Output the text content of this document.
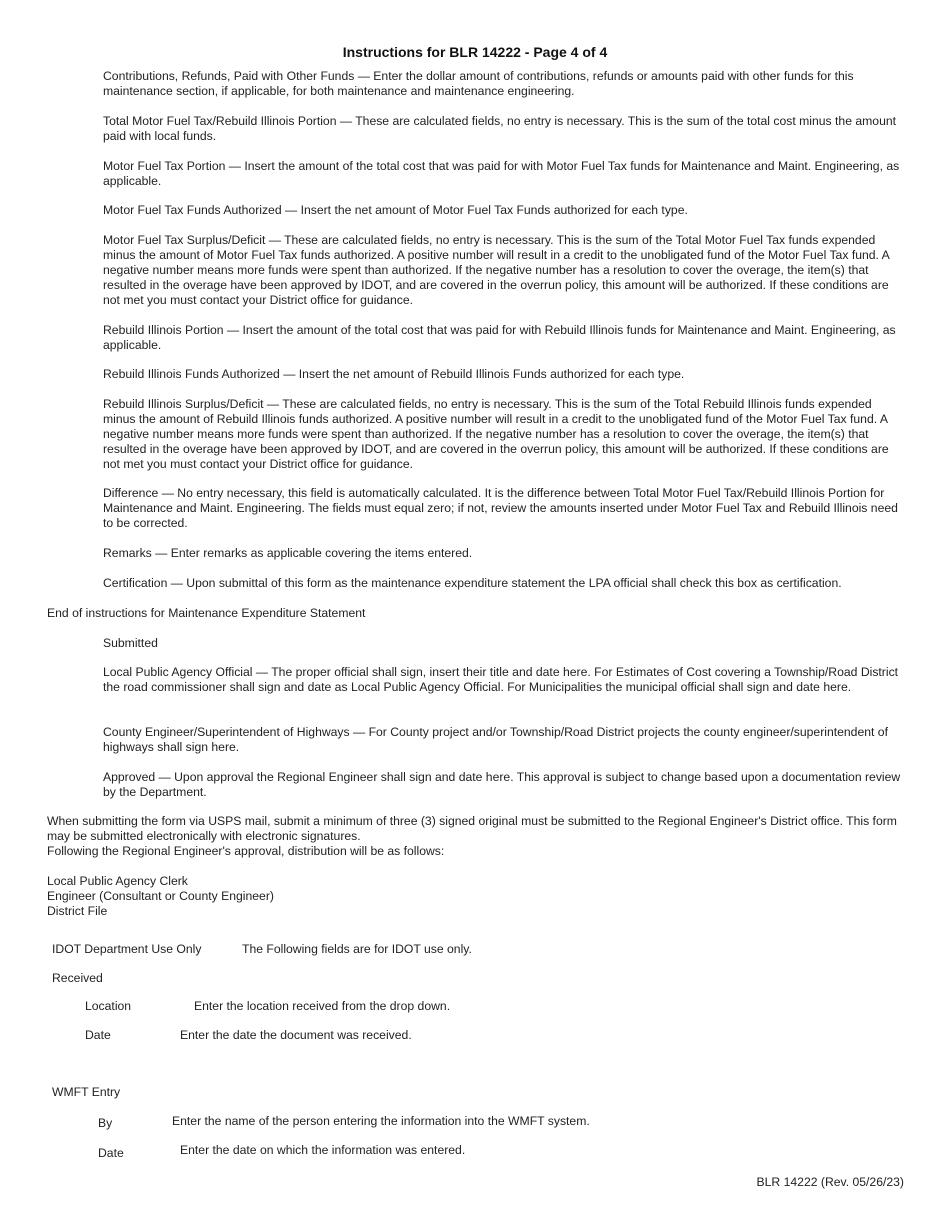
Instructions for BLR 14222 - Page 4 of 4

Contributions, Refunds, Paid with Other Funds — Enter the dollar amount of contributions, refunds or amounts paid with other funds for this maintenance section, if applicable, for both maintenance and maintenance engineering.

Total Motor Fuel Tax/Rebuild Illinois Portion — These are calculated fields, no entry is necessary. This is the sum of the total cost minus the amount paid with local funds.

Motor Fuel Tax Portion — Insert the amount of the total cost that was paid for with Motor Fuel Tax funds for Maintenance and Maint. Engineering, as applicable.

Motor Fuel Tax Funds Authorized — Insert the net amount of Motor Fuel Tax Funds authorized for each type.

Motor Fuel Tax Surplus/Deficit — These are calculated fields, no entry is necessary. This is the sum of the Total Motor Fuel Tax funds expended minus the amount of Motor Fuel Tax funds authorized. A positive number will result in a credit to the unobligated fund of the Motor Fuel Tax fund. A negative number means more funds were spent than authorized. If the negative number has a resolution to cover the overage, the item(s) that resulted in the overage have been approved by IDOT, and are covered in the overrun policy, this amount will be authorized. If these conditions are not met you must contact your District office for guidance.

Rebuild Illinois Portion — Insert the amount of the total cost that was paid for with Rebuild Illinois funds for Maintenance and Maint. Engineering, as applicable.

Rebuild Illinois Funds Authorized — Insert the net amount of Rebuild Illinois Funds authorized for each type.

Rebuild Illinois Surplus/Deficit — These are calculated fields, no entry is necessary. This is the sum of the Total Rebuild Illinois funds expended minus the amount of Rebuild Illinois funds authorized. A positive number will result in a credit to the unobligated fund of the Motor Fuel Tax fund. A negative number means more funds were spent than authorized. If the negative number has a resolution to cover the overage, the item(s) that resulted in the overage have been approved by IDOT, and are covered in the overrun policy, this amount will be authorized. If these conditions are not met you must contact your District office for guidance.

Difference — No entry necessary, this field is automatically calculated. It is the difference between Total Motor Fuel Tax/Rebuild Illinois Portion for Maintenance and Maint. Engineering. The fields must equal zero; if not, review the amounts inserted under Motor Fuel Tax and Rebuild Illinois need to be corrected.

Remarks — Enter remarks as applicable covering the items entered.

Certification — Upon submittal of this form as the maintenance expenditure statement the LPA official shall check this box as certification.

End of instructions for Maintenance Expenditure Statement

Submitted

Local Public Agency Official — The proper official shall sign, insert their title and date here. For Estimates of Cost covering a Township/Road District the road commissioner shall sign and date as Local Public Agency Official. For Municipalities the municipal official shall sign and date here.

County Engineer/Superintendent of Highways — For County project and/or Township/Road District projects the county engineer/superintendent of highways shall sign here.

Approved — Upon approval the Regional Engineer shall sign and date here. This approval is subject to change based upon a documentation review by the Department.

When submitting the form via USPS mail, submit a minimum of three (3) signed original must be submitted to the Regional Engineer's District office. This form may be submitted electronically with electronic signatures.

Following the Regional Engineer's approval, distribution will be as follows:

Local Public Agency Clerk

Engineer (Consultant or County Engineer)

District File

IDOT Department Use Only	The Following fields are for IDOT use only.

Received

Location	Enter the location received from the drop down.

Date	Enter the date the document was received.

WMFT Entry

By	Enter the name of the person entering the information into the WMFT system.

Date	Enter the date on which the information was entered.

BLR 14222 (Rev. 05/26/23)
